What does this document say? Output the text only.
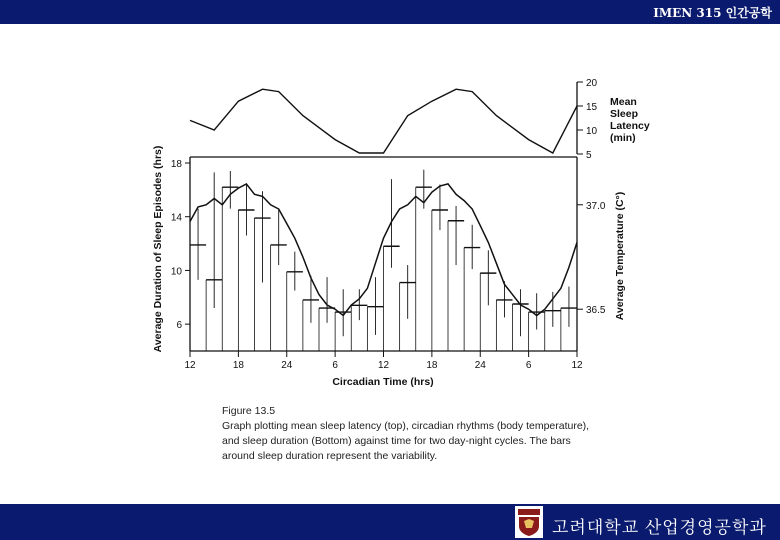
IMEN 315 인간공학
20
15
10
5
Mean
Sleep
Latency
(min)
12	18	24	6	12	18	24	6	12
18
14
10
6
37.0
36.5
Circadian Time (hrs)
Average Duration of Sleep Episodes (hrs)	Average Temperature (C°)

Figure 13.5

Graph plotting mean sleep latency (top), circadian rhythms (body temperature), and sleep duration (Bottom) against time for two day-night cycles. The bars around sleep duration represent the variability.

고려대학교 산업경영공학과
